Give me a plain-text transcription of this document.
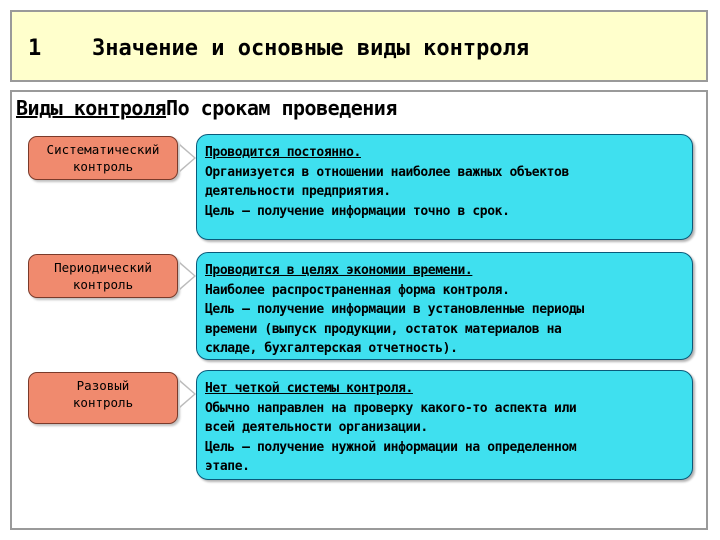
1 Значение и основные виды контроля
Виды контроляПо срокам проведения
Систематический
контроль

Проводится постоянно.

Организуется в отношении наиболее важных объектов

деятельности предприятия.

Цель – получение информации точно в срок.

Периодический
контроль

Проводится в целях экономии времени.

Наиболее распространенная форма контроля.

Цель – получение информации в установленные периоды

времени (выпуск продукции, остаток материалов на

складе, бухгалтерская отчетность).

Разовый
контроль

Нет четкой системы контроля.

Обычно направлен на проверку какого-то аспекта или

всей деятельности организации.

Цель – получение нужной информации на определенном

этапе.
